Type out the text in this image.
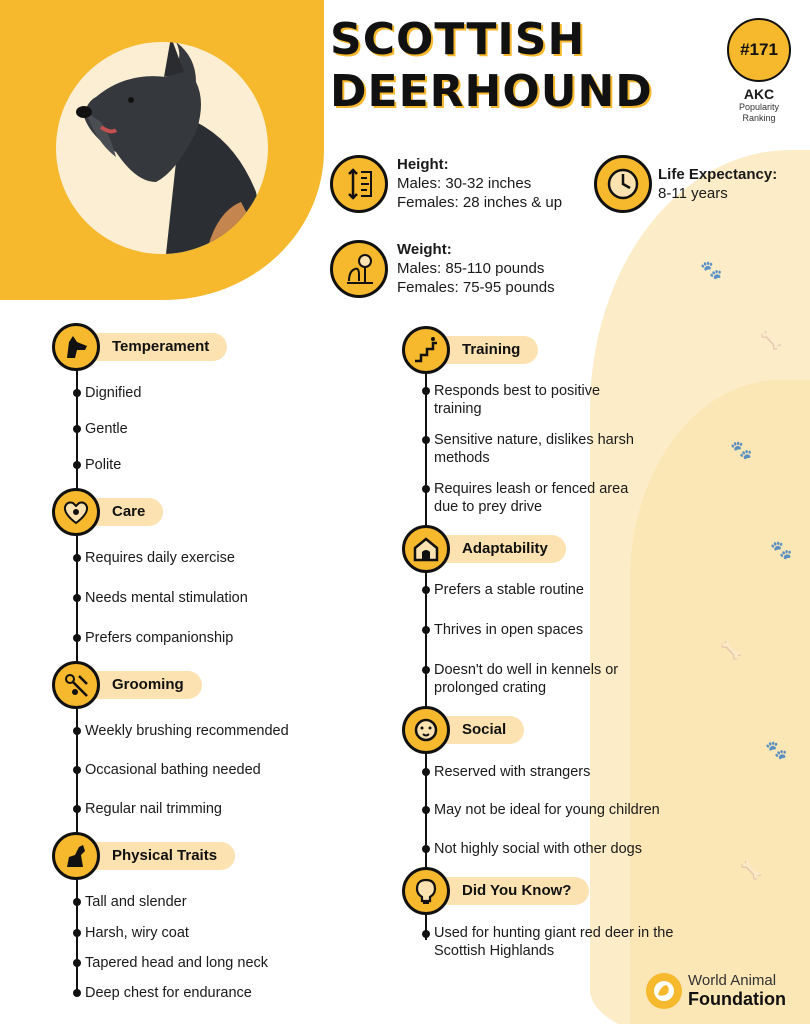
🐾
🦴
🐾
🐾
🦴
🐾
🦴
SCOTTISH
DEERHOUND
#171
AKC
Popularity Ranking
Height:
Males: 30-32 inches
Females: 28 inches & up
Life Expectancy:
8-11 years
Weight:
Males: 85-110 pounds
Females: 75-95 pounds
Temperament
Dignified
Gentle
Polite
Care
Requires daily exercise
Needs mental stimulation
Prefers companionship
Grooming
Weekly brushing recommended
Occasional bathing needed
Regular nail trimming
Physical Traits
Tall and slender
Harsh, wiry coat
Tapered head and long neck
Deep chest for endurance
Training
Responds best to positive training
Sensitive nature, dislikes harsh methods
Requires leash or fenced area due to prey drive
Adaptability
Prefers a stable routine
Thrives in open spaces
Doesn't do well in kennels or prolonged crating
Social
Reserved with strangers
May not be ideal for young children
Not highly social with other dogs
Did You Know?
Used for hunting giant red deer in the Scottish Highlands
World Animal
Foundation
